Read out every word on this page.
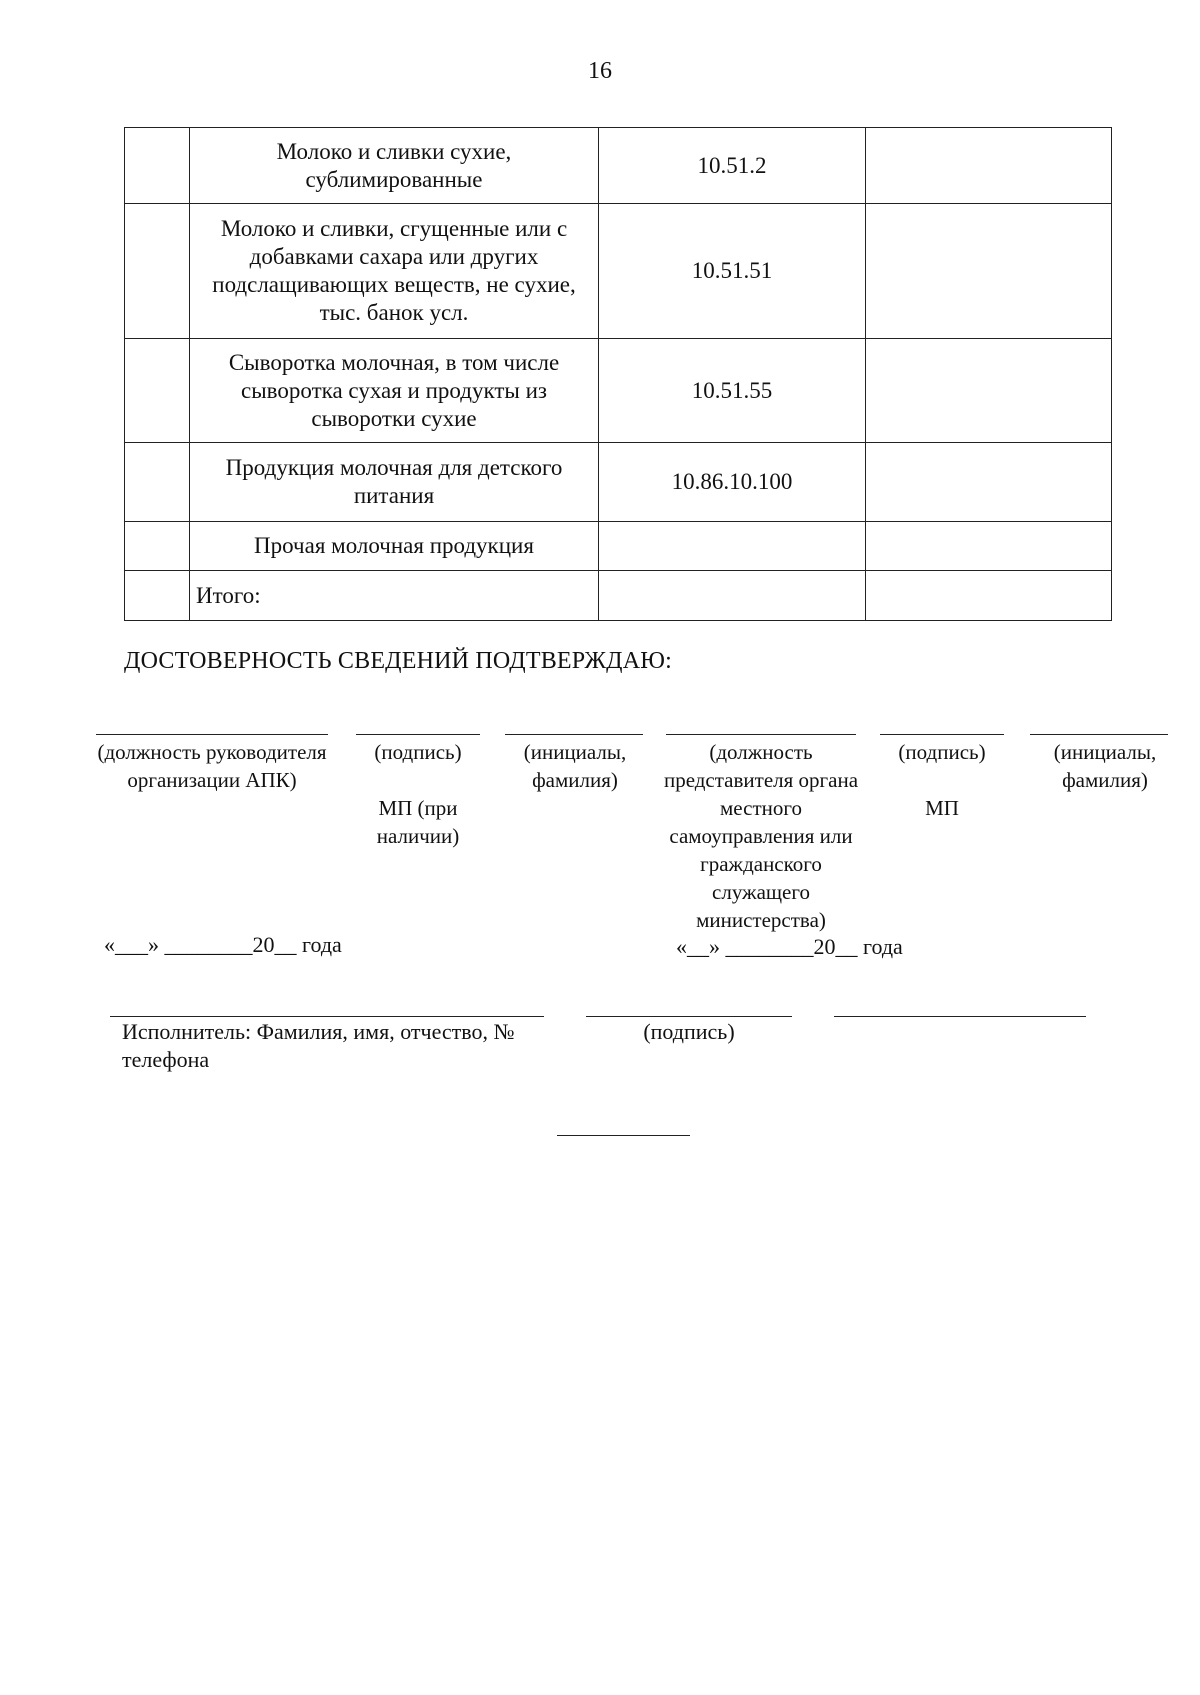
16
	Молоко и сливки сухие, сублимированные	10.51.2	
	Молоко и сливки, сгущенные или с добавками сахара или других подслащивающих веществ, не сухие, тыс. банок усл.	10.51.51	
	Сыворотка молочная, в том числе сыворотка сухая и продукты из сыворотки сухие	10.51.55	
	Продукция молочная для детского питания	10.86.10.100	
	Прочая молочная продукция		
	Итого:		
ДОСТОВЕРНОСТЬ СВЕДЕНИЙ ПОДТВЕРЖДАЮ:
(должность руководителя организации АПК)
(подпись)
МП (при наличии)
(инициалы, фамилия)
(должность представителя органа местного самоуправления или гражданского служащего министерства)
(подпись)
МП
(инициалы, фамилия)
«___» ________20__ года	«__» ________20__ года
Исполнитель: Фамилия, имя, отчество, № телефона
(подпись)
